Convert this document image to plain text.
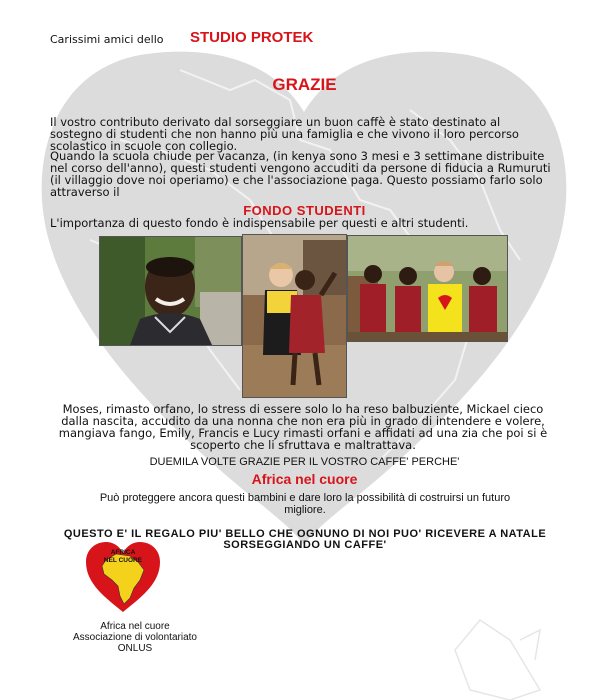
Carissimi amici dello STUDIO PROTEK
GRAZIE
Il vostro contributo derivato dal sorseggiare un buon caffè è stato destinato al sostegno di studenti che non hanno più una famiglia e che vivono il loro percorso scolastico in scuole con collegio.
Quando la scuola chiude per vacanza, (in kenya sono 3 mesi e 3 settimane distribuite nel corso dell'anno), questi studenti vengono accuditi da persone di fiducia a Rumuruti (il villaggio dove noi operiamo) e che l'associazione paga. Questo possiamo farlo solo attraverso il
FONDO STUDENTI
L'importanza di questo fondo è indispensabile per questi e altri studenti.
Moses, rimasto orfano, lo stress di essere solo lo ha reso balbuziente, Mickael cieco dalla nascita, accudito da una nonna che non era più in grado di intendere e volere, mangiava fango, Emily, Francis e Lucy rimasti orfani e affidati ad una zia che poi si è scoperto che li sfruttava e maltrattava.
DUEMILA VOLTE GRAZIE PER IL VOSTRO CAFFE' PERCHE'
Africa nel cuore
Può proteggere ancora questi bambini e dare loro la possibilità di costruirsi un futuro migliore.
QUESTO E' IL REGALO PIU' BELLO CHE OGNUNO DI NOI PUO' RICEVERE A NATALE SORSEGGIANDO UN CAFFE'
AFRICA
NEL CUORE
Africa nel cuore
Associazione di volontariato
ONLUS
